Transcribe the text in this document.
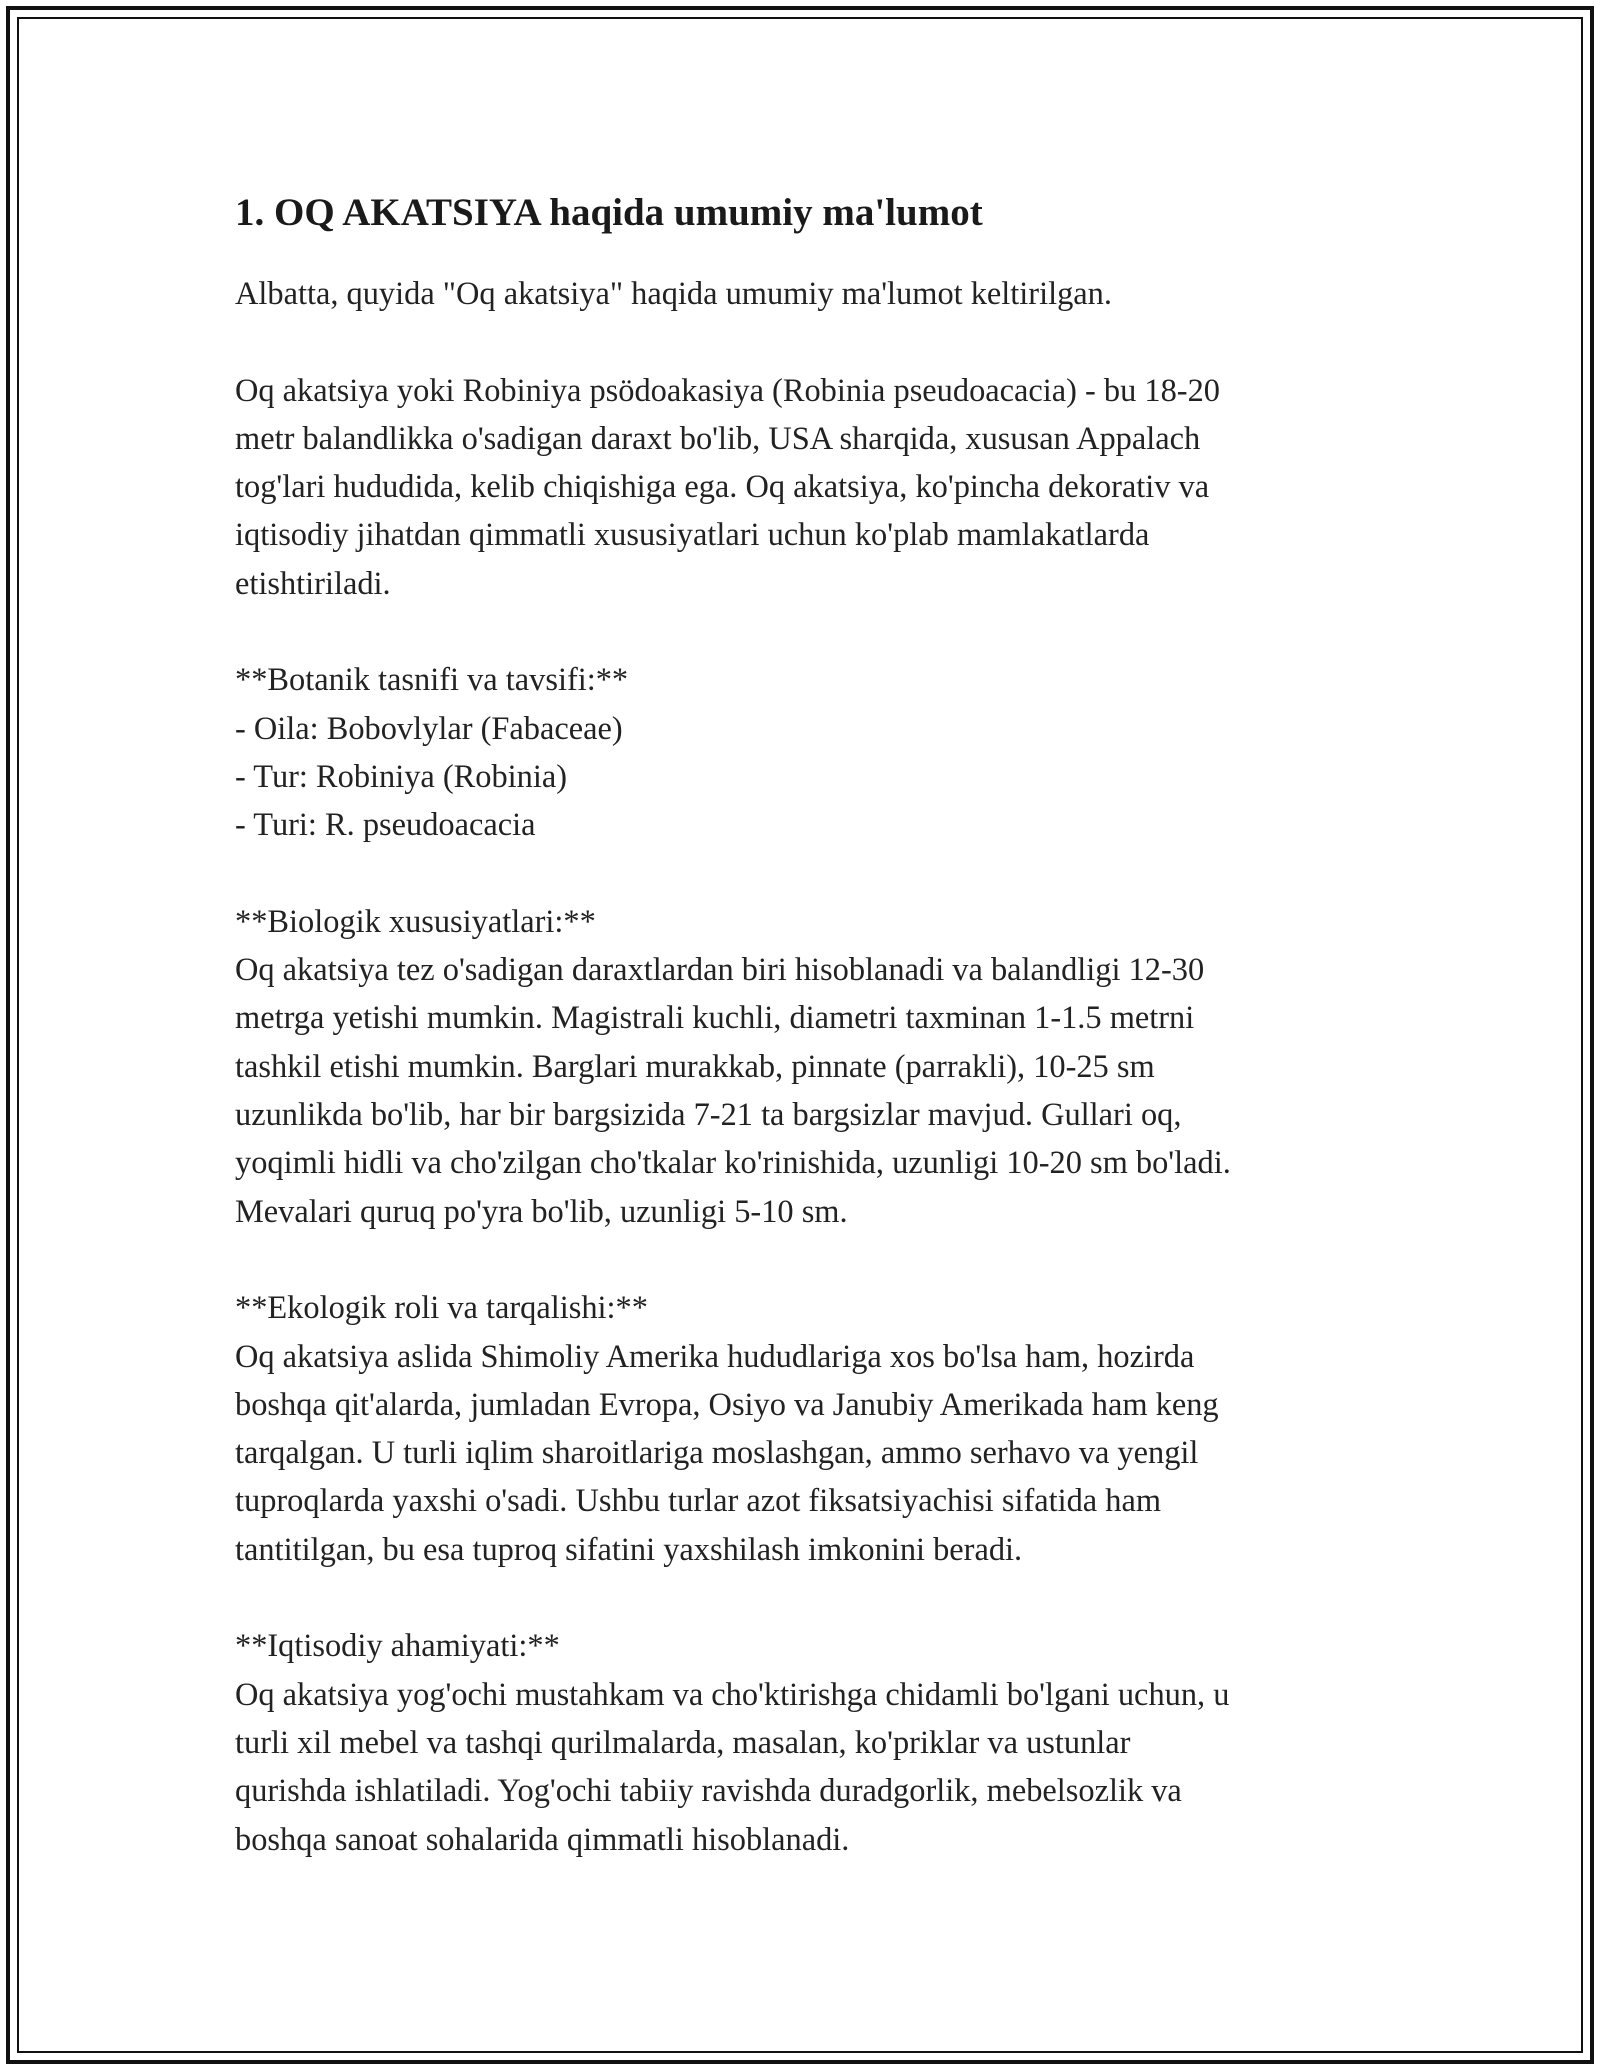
1. OQ AKATSIYA haqida umumiy ma'lumot

Albatta, quyida "Oq akatsiya" haqida umumiy ma'lumot keltirilgan.

Oq akatsiya yoki Robiniya psödoakasiya (Robinia pseudoacacia) - bu 18-20
metr balandlikka o'sadigan daraxt bo'lib, USA sharqida, xususan Appalach
tog'lari hududida, kelib chiqishiga ega. Oq akatsiya, ko'pincha dekorativ va
iqtisodiy jihatdan qimmatli xususiyatlari uchun ko'plab mamlakatlarda
etishtiriladi.

**Botanik tasnifi va tavsifi:**

- Oila: Bobovlylar (Fabaceae)

- Tur: Robiniya (Robinia)

- Turi: R. pseudoacacia

**Biologik xususiyatlari:**

Oq akatsiya tez o'sadigan daraxtlardan biri hisoblanadi va balandligi 12-30
metrga yetishi mumkin. Magistrali kuchli, diametri taxminan 1-1.5 metrni
tashkil etishi mumkin. Barglari murakkab, pinnate (parrakli), 10-25 sm
uzunlikda bo'lib, har bir bargsizida 7-21 ta bargsizlar mavjud. Gullari oq,
yoqimli hidli va cho'zilgan cho'tkalar ko'rinishida, uzunligi 10-20 sm bo'ladi.
Mevalari quruq po'yra bo'lib, uzunligi 5-10 sm.

**Ekologik roli va tarqalishi:**

Oq akatsiya aslida Shimoliy Amerika hududlariga xos bo'lsa ham, hozirda
boshqa qit'alarda, jumladan Evropa, Osiyo va Janubiy Amerikada ham keng
tarqalgan. U turli iqlim sharoitlariga moslashgan, ammo serhavo va yengil
tuproqlarda yaxshi o'sadi. Ushbu turlar azot fiksatsiyachisi sifatida ham
tantitilgan, bu esa tuproq sifatini yaxshilash imkonini beradi.

**Iqtisodiy ahamiyati:**

Oq akatsiya yog'ochi mustahkam va cho'ktirishga chidamli bo'lgani uchun, u
turli xil mebel va tashqi qurilmalarda, masalan, ko'priklar va ustunlar
qurishda ishlatiladi. Yog'ochi tabiiy ravishda duradgorlik, mebelsozlik va
boshqa sanoat sohalarida qimmatli hisoblanadi.
